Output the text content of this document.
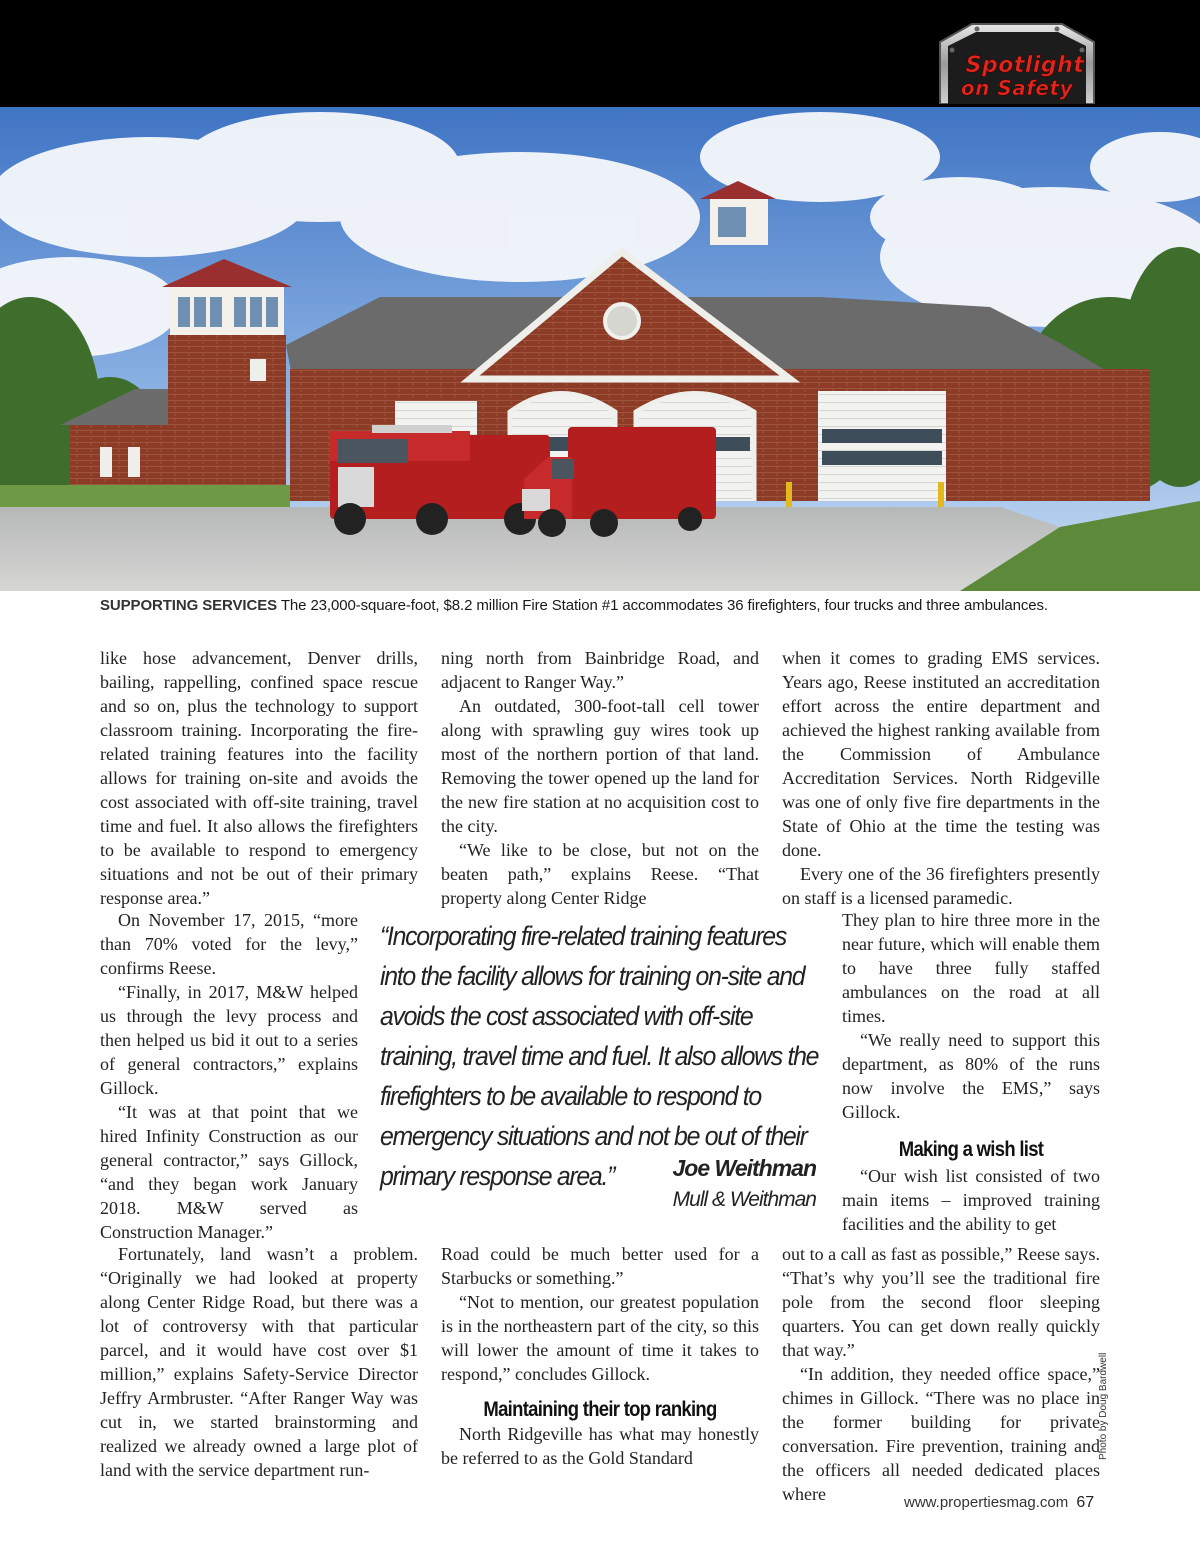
Spotlight
on Safety
SUPPORTING SERVICES The 23,000-square-foot, $8.2 million Fire Station #1 accommodates 36 firefighters, four trucks and three ambulances.

like hose advancement, Denver drills, bailing, rappelling, confined space rescue and so on, plus the technology to support classroom training. Incorporating the fire-related training features into the facility allows for training on-site and avoids the cost associated with off-site training, travel time and fuel. It also allows the firefighters to be available to respond to emergency situations and not be out of their primary response area.”

On November 17, 2015, “more than 70% voted for the levy,” confirms Reese.

“Finally, in 2017, M&W helped us through the levy process and then helped us bid it out to a series of general contractors,” explains Gillock.

“It was at that point that we hired Infinity Construction as our general contractor,” says Gillock, “and they began work January 2018. M&W served as Construction Manager.”

Fortunately, land wasn’t a problem. “Originally we had looked at property along Center Ridge Road, but there was a lot of controversy with that particular parcel, and it would have cost over $1 million,” explains Safety-Service Director Jeffry Armbruster. “After Ranger Way was cut in, we started brainstorming and realized we already owned a large plot of land with the service department run-

ning north from Bainbridge Road, and adjacent to Ranger Way.”

An outdated, 300-foot-tall cell tower along with sprawling guy wires took up most of the northern portion of that land. Removing the tower opened up the land for the new fire station at no acquisition cost to the city.

“We like to be close, but not on the beaten path,” explains Reese. “That property along Center Ridge

Road could be much better used for a Starbucks or something.”

“Not to mention, our greatest population is in the northeastern part of the city, so this will lower the amount of time it takes to respond,” concludes Gillock.

Maintaining their top ranking

North Ridgeville has what may honestly be referred to as the Gold Standard

when it comes to grading EMS services. Years ago, Reese instituted an accreditation effort across the entire department and achieved the highest ranking available from the Commission of Ambulance Accreditation Services. North Ridgeville was one of only five fire departments in the State of Ohio at the time the testing was done.

Every one of the 36 firefighters presently on staff is a licensed paramedic.

They plan to hire three more in the near future, which will enable them to have three fully staffed ambulances on the road at all times.

“We really need to support this department, as 80% of the runs now involve the EMS,” says Gillock.

Making a wish list

“Our wish list consisted of two main items – improved training facilities and the ability to get

out to a call as fast as possible,” Reese says. “That’s why you’ll see the traditional fire pole from the second floor sleeping quarters. You can get down really quickly that way.”

“In addition, they needed office space,” chimes in Gillock. “There was no place in the former building for private conversation. Fire prevention, training and the officers all needed dedicated places where

“Incorporating fire-related training features into the facility allows for training on-site and avoids the cost associated with off-site training, travel time and fuel. It also allows the firefighters to be available to respond to emergency situations and not be out of their primary response area.”	Joe Weithman
Mull & Weithman
Photo by Doug Bardwell
www.propertiesmag.com 67
